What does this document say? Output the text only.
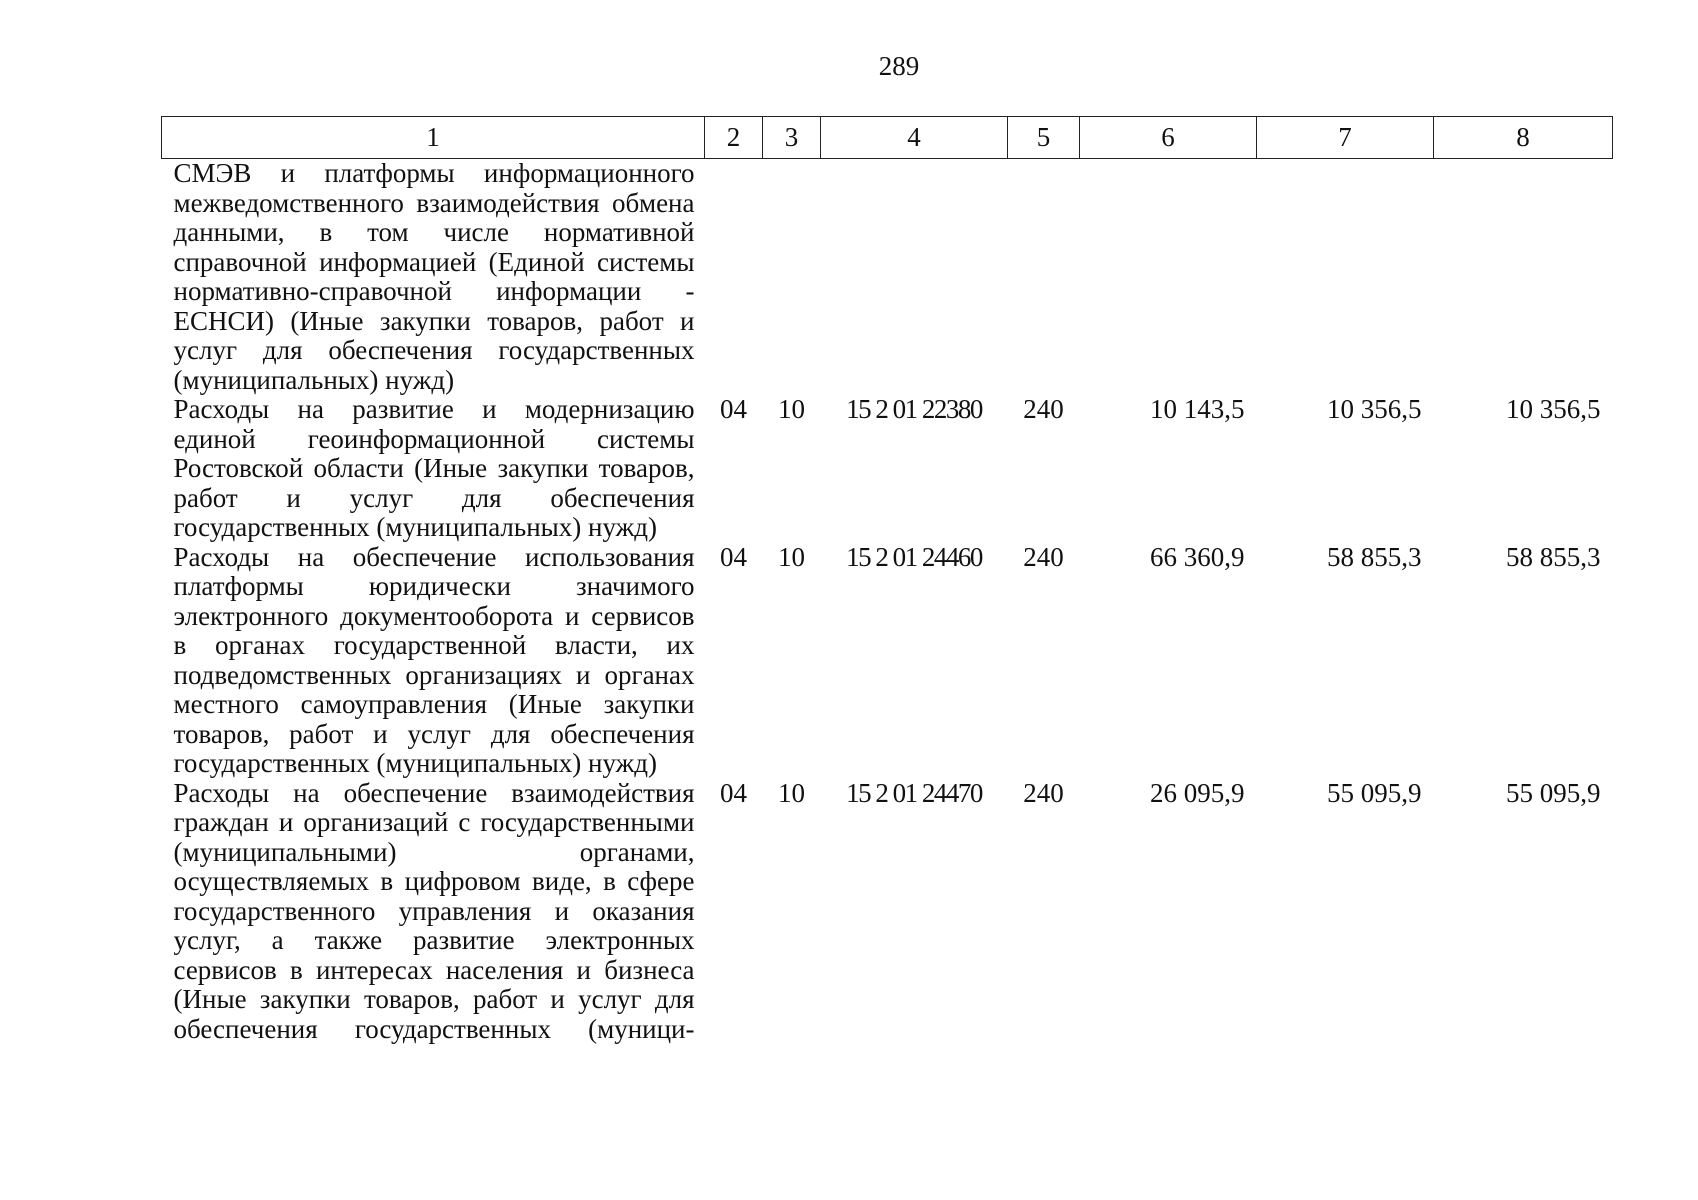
289
1	2	3	4	5	6	7	8

СМЭВ и платформы информационного межведомственного взаимодействия обмена данными, в том числе нормативной справочной информацией (Единой системы нормативно-справочной информации - ЕСНСИ) (Иные закупки товаров, работ и услуг для обеспечения государственных (муниципальных) нужд)							

Расходы на развитие и модернизацию единой геоинформационной системы Ростовской области (Иные закупки товаров, работ и услуг для обеспечения государственных (муниципальных) нужд)	04	10	15 2 01 22380	240	10 143,5	10 356,5	10 356,5

Расходы на обеспечение использования платформы юридически значимого электронного документооборота и сервисов в органах государственной власти, их подведомственных организациях и органах местного самоуправления (Иные закупки товаров, работ и услуг для обеспечения государственных (муниципальных) нужд)	04	10	15 2 01 24460	240	66 360,9	58 855,3	58 855,3

Расходы на обеспечение взаимодействия граждан и организаций с государственными (муниципальными) органами, осуществляемых в цифровом виде, в сфере государственного управления и оказания услуг, а также развитие электронных сервисов в интересах населения и бизнеса (Иные закупки товаров, работ и услуг для обеспечения государственных (муници-	04	10	15 2 01 24470	240	26 095,9	55 095,9	55 095,9
